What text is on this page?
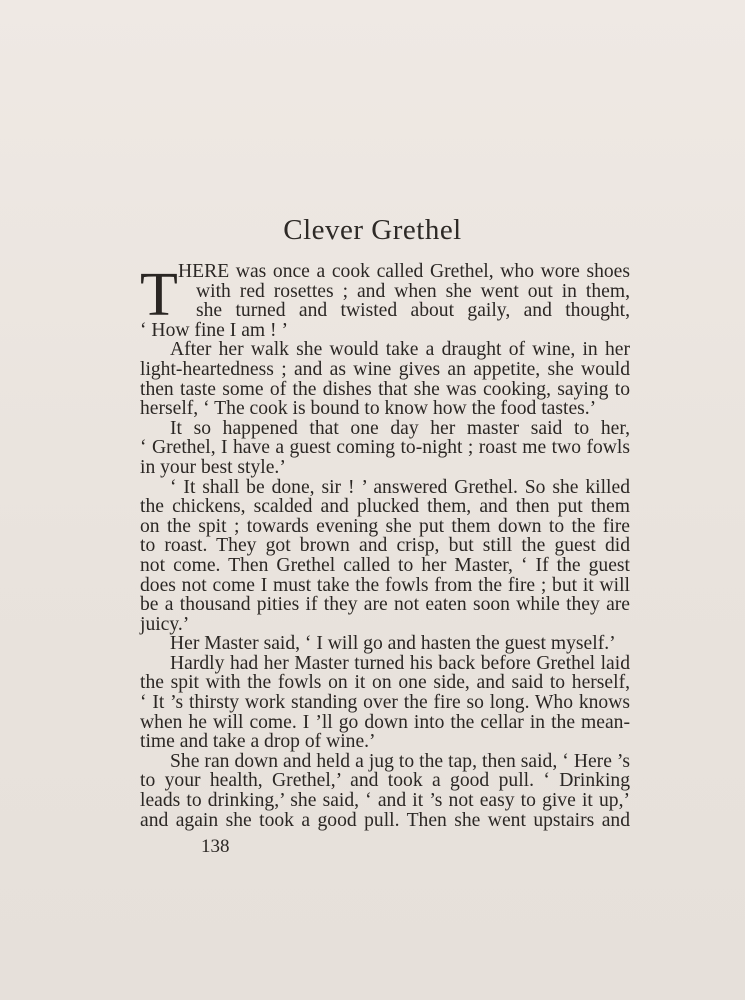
Clever Grethel
T HERE was once a cook called Grethel, who wore shoes
with red rosettes ; and when she went out in them,
she turned and twisted about gaily, and thought,
‘ How fine I am ! ’
After her walk she would take a draught of wine, in her
light-heartedness ; and as wine gives an appetite, she would
then taste some of the dishes that she was cooking, saying to
herself, ‘ The cook is bound to know how the food tastes.’
It so happened that one day her master said to her,
‘ Grethel, I have a guest coming to-night ; roast me two fowls
in your best style.’
‘ It shall be done, sir ! ’ answered Grethel. So she killed
the chickens, scalded and plucked them, and then put them
on the spit ; towards evening she put them down to the fire
to roast. They got brown and crisp, but still the guest did
not come. Then Grethel called to her Master, ‘ If the guest
does not come I must take the fowls from the fire ; but it will
be a thousand pities if they are not eaten soon while they are
juicy.’
Her Master said, ‘ I will go and hasten the guest myself.’
Hardly had her Master turned his back before Grethel laid
the spit with the fowls on it on one side, and said to herself,
‘ It ’s thirsty work standing over the fire so long. Who knows
when he will come. I ’ll go down into the cellar in the mean-
time and take a drop of wine.’
She ran down and held a jug to the tap, then said, ‘ Here ’s
to your health, Grethel,’ and took a good pull. ‘ Drinking
leads to drinking,’ she said, ‘ and it ’s not easy to give it up,’
and again she took a good pull. Then she went upstairs and
138
